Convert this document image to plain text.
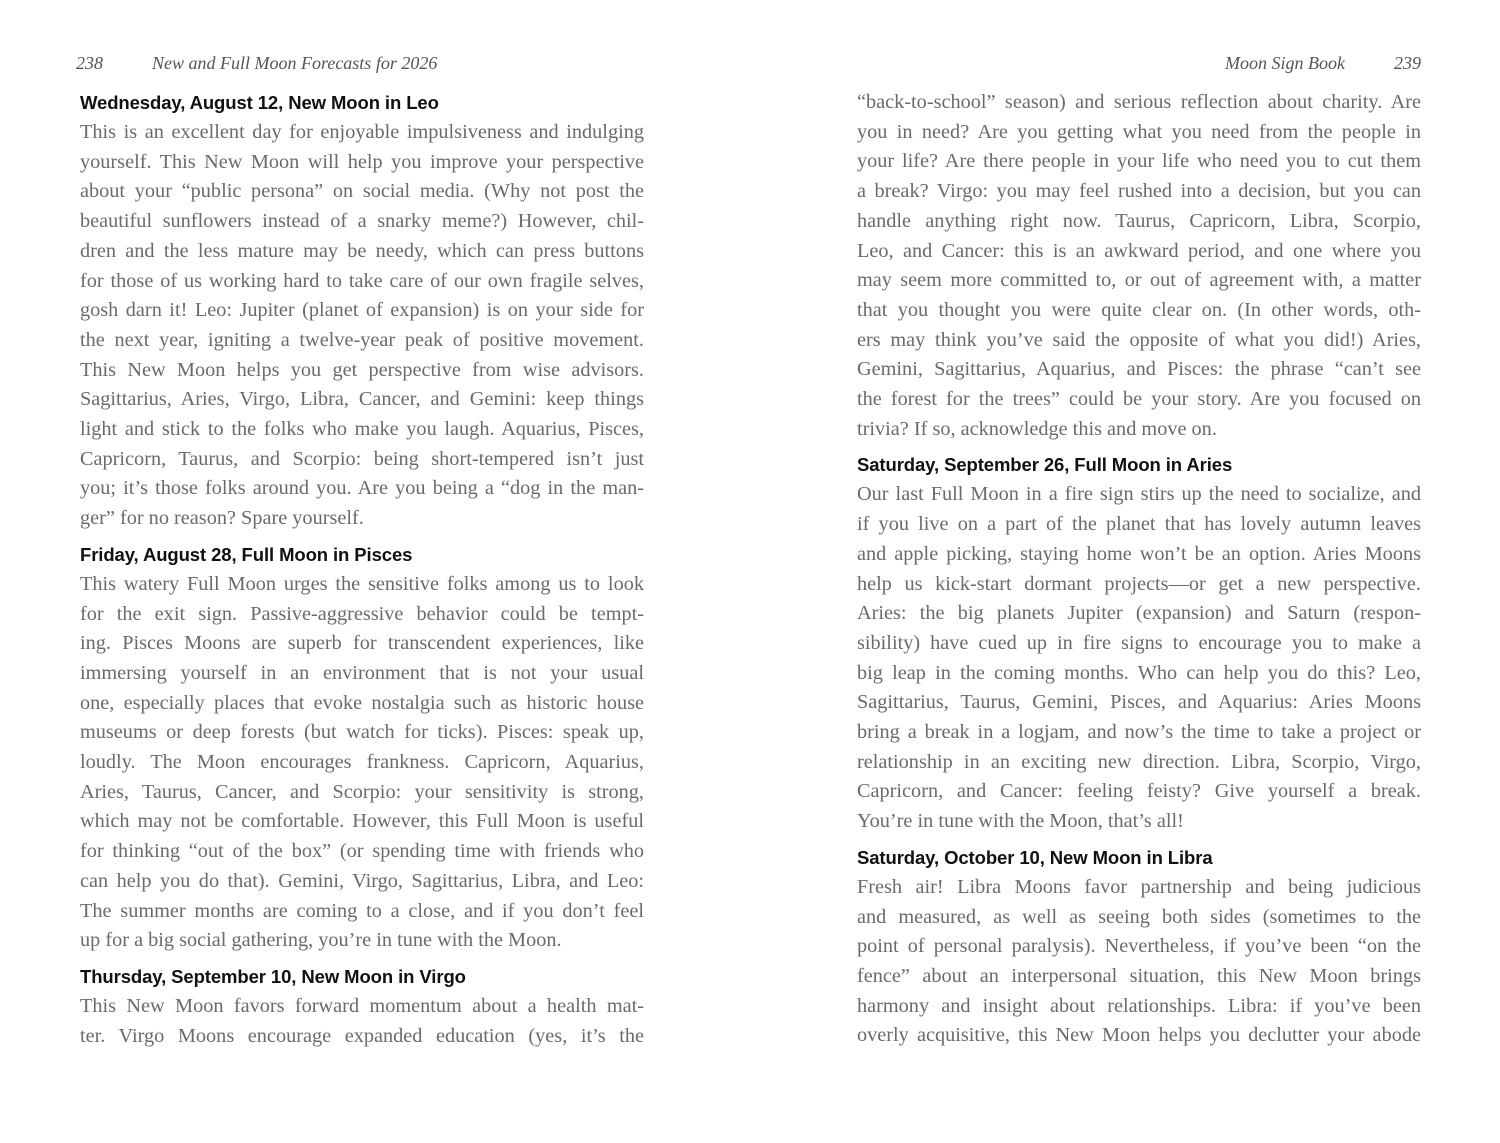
238	New and Full Moon Forecasts for 2026
Wednesday, August 12, New Moon in Leo

This is an excellent day for enjoyable impulsiveness and indulging
yourself. This New Moon will help you improve your perspective
about your “public persona” on social media. (Why not post the
beautiful sunflowers instead of a snarky meme?) However, chil-
dren and the less mature may be needy, which can press buttons
for those of us working hard to take care of our own fragile selves,
gosh darn it! Leo: Jupiter (planet of expansion) is on your side for
the next year, igniting a twelve-year peak of positive movement.
This New Moon helps you get perspective from wise advisors.
Sagittarius, Aries, Virgo, Libra, Cancer, and Gemini: keep things
light and stick to the folks who make you laugh. Aquarius, Pisces,
Capricorn, Taurus, and Scorpio: being short-tempered isn’t just
you; it’s those folks around you. Are you being a “dog in the man-
ger” for no reason? Spare yourself.

Friday, August 28, Full Moon in Pisces

This watery Full Moon urges the sensitive folks among us to look
for the exit sign. Passive-aggressive behavior could be tempt-
ing. Pisces Moons are superb for transcendent experiences, like
immersing yourself in an environment that is not your usual
one, especially places that evoke nostalgia such as historic house
museums or deep forests (but watch for ticks). Pisces: speak up,
loudly. The Moon encourages frankness. Capricorn, Aquarius,
Aries, Taurus, Cancer, and Scorpio: your sensitivity is strong,
which may not be comfortable. However, this Full Moon is useful
for thinking “out of the box” (or spending time with friends who
can help you do that). Gemini, Virgo, Sagittarius, Libra, and Leo:
The summer months are coming to a close, and if you don’t feel
up for a big social gathering, you’re in tune with the Moon.

Thursday, September 10, New Moon in Virgo

This New Moon favors forward momentum about a health mat-
ter. Virgo Moons encourage expanded education (yes, it’s the

Moon Sign Book	239

“back-to-school” season) and serious reflection about charity. Are
you in need? Are you getting what you need from the people in
your life? Are there people in your life who need you to cut them
a break? Virgo: you may feel rushed into a decision, but you can
handle anything right now. Taurus, Capricorn, Libra, Scorpio,
Leo, and Cancer: this is an awkward period, and one where you
may seem more committed to, or out of agreement with, a matter
that you thought you were quite clear on. (In other words, oth-
ers may think you’ve said the opposite of what you did!) Aries,
Gemini, Sagittarius, Aquarius, and Pisces: the phrase “can’t see
the forest for the trees” could be your story. Are you focused on
trivia? If so, acknowledge this and move on.

Saturday, September 26, Full Moon in Aries

Our last Full Moon in a fire sign stirs up the need to socialize, and
if you live on a part of the planet that has lovely autumn leaves
and apple picking, staying home won’t be an option. Aries Moons
help us kick-start dormant projects—or get a new perspective.
Aries: the big planets Jupiter (expansion) and Saturn (respon-
sibility) have cued up in fire signs to encourage you to make a
big leap in the coming months. Who can help you do this? Leo,
Sagittarius, Taurus, Gemini, Pisces, and Aquarius: Aries Moons
bring a break in a logjam, and now’s the time to take a project or
relationship in an exciting new direction. Libra, Scorpio, Virgo,
Capricorn, and Cancer: feeling feisty? Give yourself a break.
You’re in tune with the Moon, that’s all!

Saturday, October 10, New Moon in Libra

Fresh air! Libra Moons favor partnership and being judicious
and measured, as well as seeing both sides (sometimes to the
point of personal paralysis). Nevertheless, if you’ve been “on the
fence” about an interpersonal situation, this New Moon brings
harmony and insight about relationships. Libra: if you’ve been
overly acquisitive, this New Moon helps you declutter your abode
